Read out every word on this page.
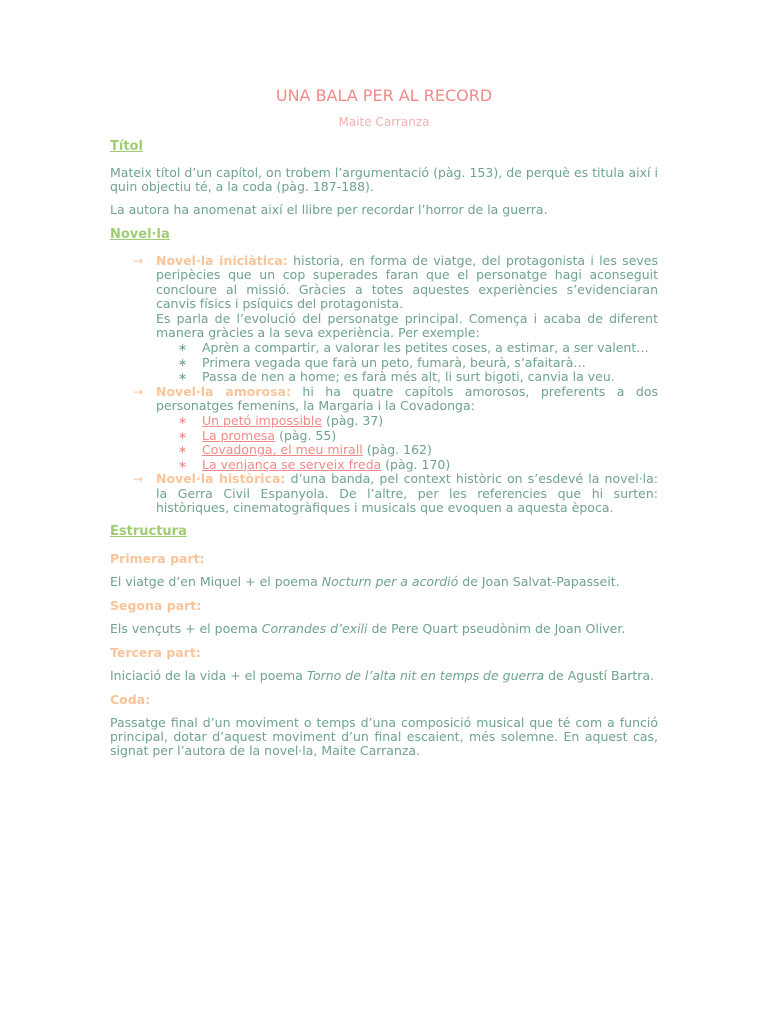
UNA BALA PER AL RECORD
Maite Carranza
Títol

Mateix títol d’un capítol, on trobem l’argumentació (pàg. 153), de perquè es titula així i quin objectiu té, a la coda (pàg. 187-188).

La autora ha anomenat així el llibre per recordar l’horror de la guerra.

Novel·la
→ Novel·la iniciàtica: historia, en forma de viatge, del protagonista i les seves peripècies que un cop superades faran que el personatge hagi aconseguit concloure al missió. Gràcies a totes aquestes experiències s’evidenciaran canvis físics i psíquics del protagonista.
Es parla de l’evolució del personatge principal. Comença i acaba de diferent manera gràcies a la seva experiència. Per exemple:
∗ Aprèn a compartir, a valorar les petites coses, a estimar, a ser valent…
∗ Primera vegada que farà un peto, fumarà, beurà, s’afaitarà…
∗ Passa de nen a home; es farà més alt, li surt bigoti, canvia la veu.
→ Novel·la amorosa: hi ha quatre capítols amorosos, preferents a dos personatges femenins, la Margaria i la Covadonga:
∗ Un petó impossible (pàg. 37)
∗ La promesa (pàg. 55)
∗ Covadonga, el meu mirall (pàg. 162)
∗ La venjança se serveix freda (pàg. 170)
→ Novel·la històrica: d’una banda, pel context històric on s’esdevé la novel·la: la Gerra Civil Espanyola. De l’altre, per les referencies que hi surten: històriques, cinematogràfiques i musicals que evoquen a aquesta època.
Estructura
Primera part:

El viatge d’en Miquel + el poema Nocturn per a acordió de Joan Salvat-Papasseit.

Segona part:

Els vençuts + el poema Corrandes d’exili de Pere Quart pseudònim de Joan Oliver.

Tercera part:

Iniciació de la vida + el poema Torno de l’alta nit en temps de guerra de Agustí Bartra.

Coda:

Passatge final d’un moviment o temps d’una composició musical que té com a funció principal, dotar d’aquest moviment d’un final escaient, més solemne. En aquest cas, signat per l’autora de la novel·la, Maite Carranza.
